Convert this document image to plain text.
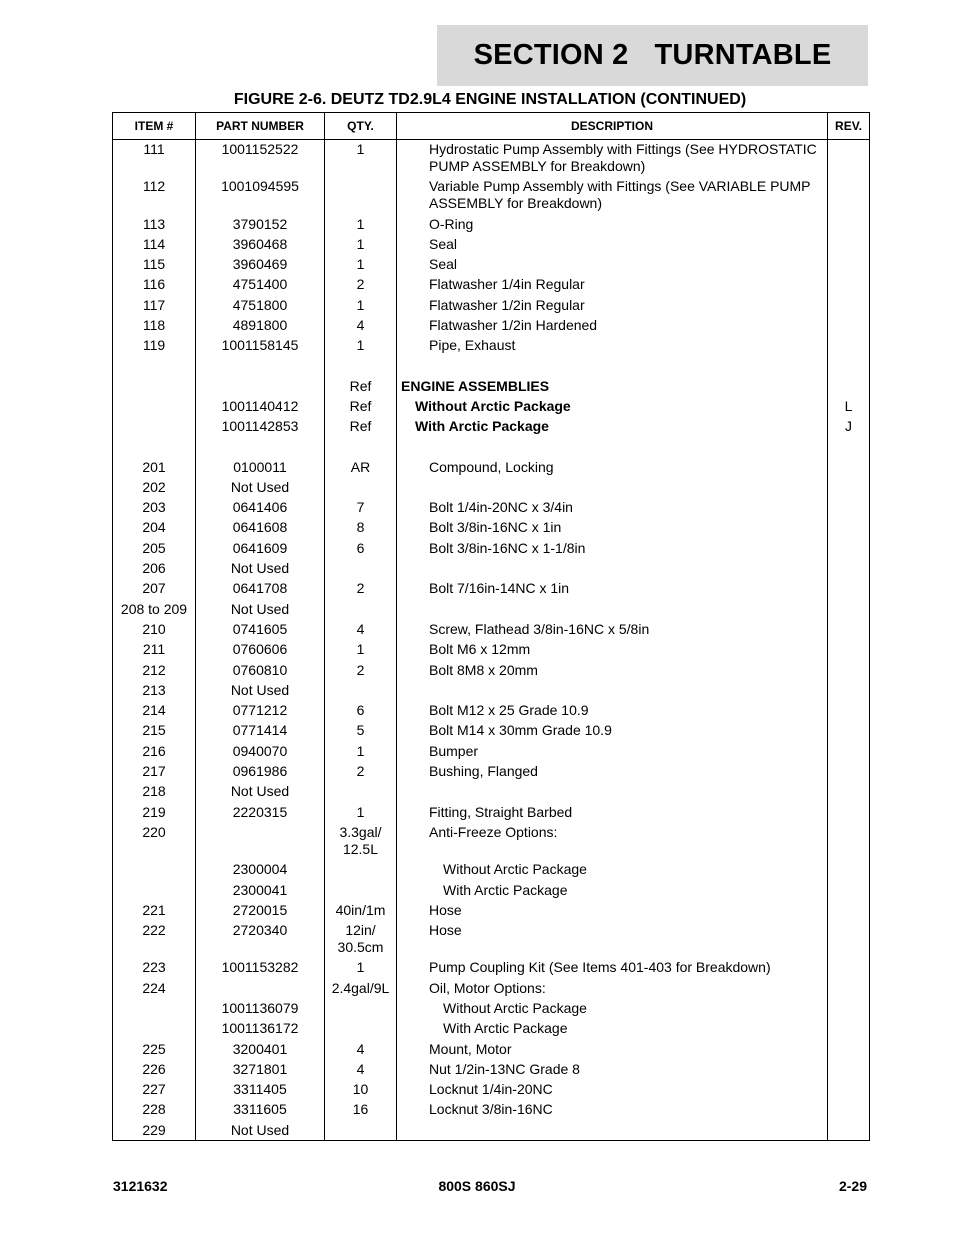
SECTION 2 TURNTABLE
FIGURE 2-6. DEUTZ TD2.9L4 ENGINE INSTALLATION (CONTINUED)
ITEM #	PART NUMBER	QTY.	DESCRIPTION	REV.
111	1001152522	1	Hydrostatic Pump Assembly with Fittings (See HYDROSTATIC PUMP ASSEMBLY for Breakdown)	
112	1001094595		Variable Pump Assembly with Fittings (See VARIABLE PUMP ASSEMBLY for Breakdown)	
113	3790152	1	O-Ring	
114	3960468	1	Seal	
115	3960469	1	Seal	
116	4751400	2	Flatwasher 1/4in Regular	
117	4751800	1	Flatwasher 1/2in Regular	
118	4891800	4	Flatwasher 1/2in Hardened	
119	1001158145	1	Pipe, Exhaust	

		Ref	ENGINE ASSEMBLIES	
	1001140412	Ref	Without Arctic Package	L
	1001142853	Ref	With Arctic Package	J

201	0100011	AR	Compound, Locking	
202	Not Used			
203	0641406	7	Bolt 1/4in-20NC x 3/4in	
204	0641608	8	Bolt 3/8in-16NC x 1in	
205	0641609	6	Bolt 3/8in-16NC x 1-1/8in	
206	Not Used			
207	0641708	2	Bolt 7/16in-14NC x 1in	
208 to 209	Not Used			
210	0741605	4	Screw, Flathead 3/8in-16NC x 5/8in	
211	0760606	1	Bolt M6 x 12mm	
212	0760810	2	Bolt 8M8 x 20mm	
213	Not Used			
214	0771212	6	Bolt M12 x 25 Grade 10.9	
215	0771414	5	Bolt M14 x 30mm Grade 10.9	
216	0940070	1	Bumper	
217	0961986	2	Bushing, Flanged	
218	Not Used			
219	2220315	1	Fitting, Straight Barbed	
220		3.3gal/ 12.5L	Anti-Freeze Options:	
	2300004		Without Arctic Package	
	2300041		With Arctic Package	
221	2720015	40in/1m	Hose	
222	2720340	12in/ 30.5cm	Hose	
223	1001153282	1	Pump Coupling Kit (See Items 401-403 for Breakdown)	
224		2.4gal/9L	Oil, Motor Options:	
	1001136079		Without Arctic Package	
	1001136172		With Arctic Package	
225	3200401	4	Mount, Motor	
226	3271801	4	Nut 1/2in-13NC Grade 8	
227	3311405	10	Locknut 1/4in-20NC	
228	3311605	16	Locknut 3/8in-16NC	
229	Not Used			
3121632	800S 860SJ	2-29
